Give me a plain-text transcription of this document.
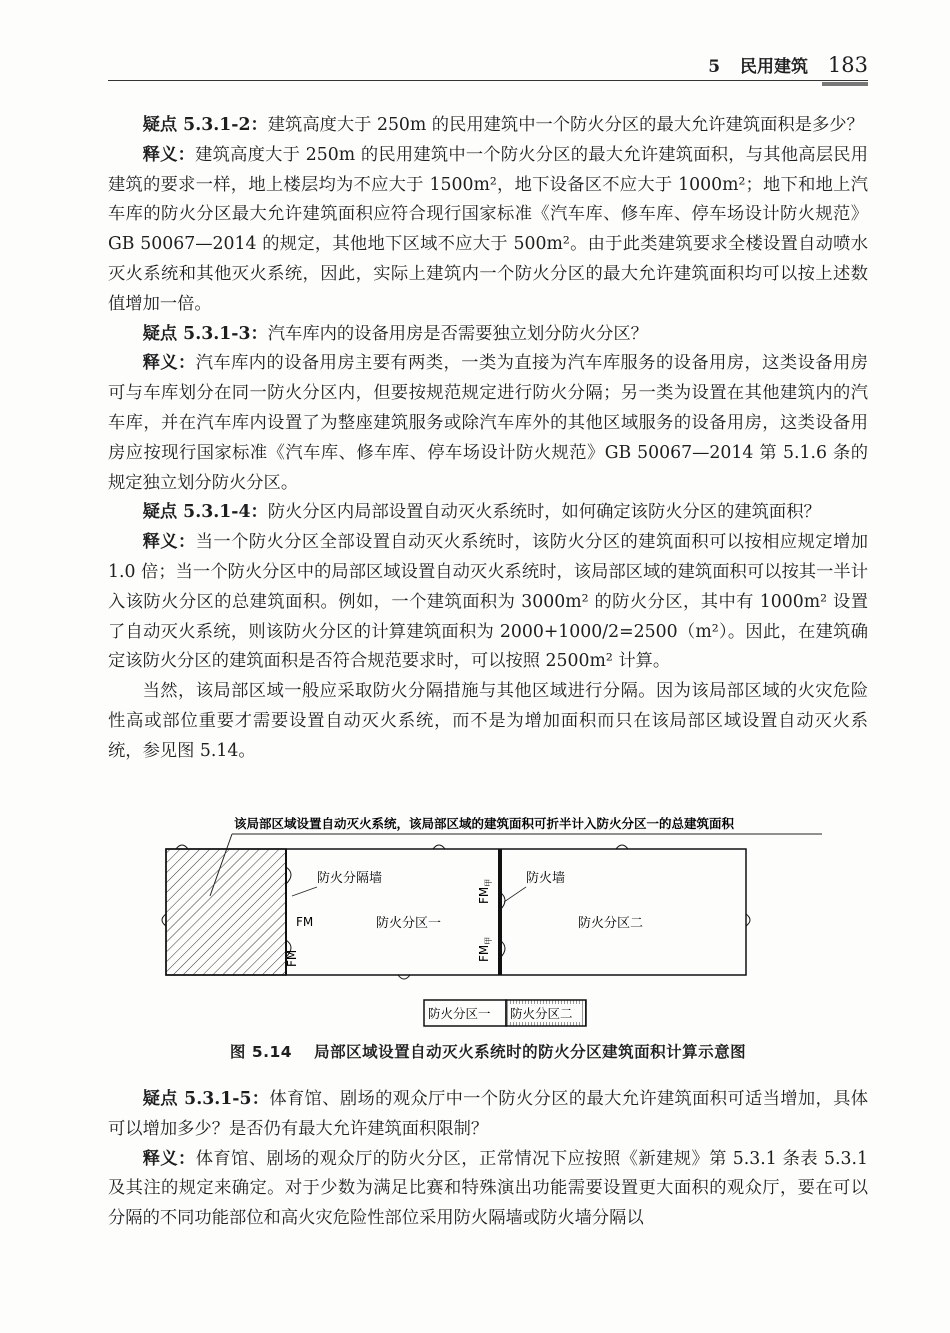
5 民用建筑 183

疑点 5.3.1-2：建筑高度大于 250m 的民用建筑中一个防火分区的最大允许建筑面积是多少？

释义：建筑高度大于 250m 的民用建筑中一个防火分区的最大允许建筑面积，与其他高层民用建筑的要求一样，地上楼层均为不应大于 1500m²，地下设备区不应大于 1000m²；地下和地上汽车库的防火分区最大允许建筑面积应符合现行国家标准《汽车库、修车库、停车场设计防火规范》GB 50067—2014 的规定，其他地下区域不应大于 500m²。由于此类建筑要求全楼设置自动喷水灭火系统和其他灭火系统，因此，实际上建筑内一个防火分区的最大允许建筑面积均可以按上述数值增加一倍。

疑点 5.3.1-3：汽车库内的设备用房是否需要独立划分防火分区？

释义：汽车库内的设备用房主要有两类，一类为直接为汽车库服务的设备用房，这类设备用房可与车库划分在同一防火分区内，但要按规范规定进行防火分隔；另一类为设置在其他建筑内的汽车库，并在汽车库内设置了为整座建筑服务或除汽车库外的其他区域服务的设备用房，这类设备用房应按现行国家标准《汽车库、修车库、停车场设计防火规范》GB 50067—2014 第 5.1.6 条的规定独立划分防火分区。

疑点 5.3.1-4：防火分区内局部设置自动灭火系统时，如何确定该防火分区的建筑面积？

释义：当一个防火分区全部设置自动灭火系统时，该防火分区的建筑面积可以按相应规定增加 1.0 倍；当一个防火分区中的局部区域设置自动灭火系统时，该局部区域的建筑面积可以按其一半计入该防火分区的总建筑面积。例如，一个建筑面积为 3000m² 的防火分区，其中有 1000m² 设置了自动灭火系统，则该防火分区的计算建筑面积为 2000+1000/2=2500（m²）。因此，在建筑确定该防火分区的建筑面积是否符合规范要求时，可以按照 2500m² 计算。

当然，该局部区域一般应采取防火分隔措施与其他区域进行分隔。因为该局部区域的火灾危险性高或部位重要才需要设置自动灭火系统，而不是为增加面积而只在该局部区域设置自动灭火系统，参见图 5.14。

该局部区域设置自动灭火系统，该局部区域的建筑面积可折半计入防火分区一的总建筑面积
FM
FM
防火分隔墙	防火墙
$FM_甲$
$FM_甲$
防火分区一	防火分区二
防火分区一 防火分区二
图 5.14 局部区域设置自动灭火系统时的防火分区建筑面积计算示意图

疑点 5.3.1-5：体育馆、剧场的观众厅中一个防火分区的最大允许建筑面积可适当增加，具体可以增加多少？是否仍有最大允许建筑面积限制？

释义：体育馆、剧场的观众厅的防火分区，正常情况下应按照《新建规》第 5.3.1 条表 5.3.1 及其注的规定来确定。对于少数为满足比赛和特殊演出功能需要设置更大面积的观众厅，要在可以分隔的不同功能部位和高火灾危险性部位采用防火隔墙或防火墙分隔以
